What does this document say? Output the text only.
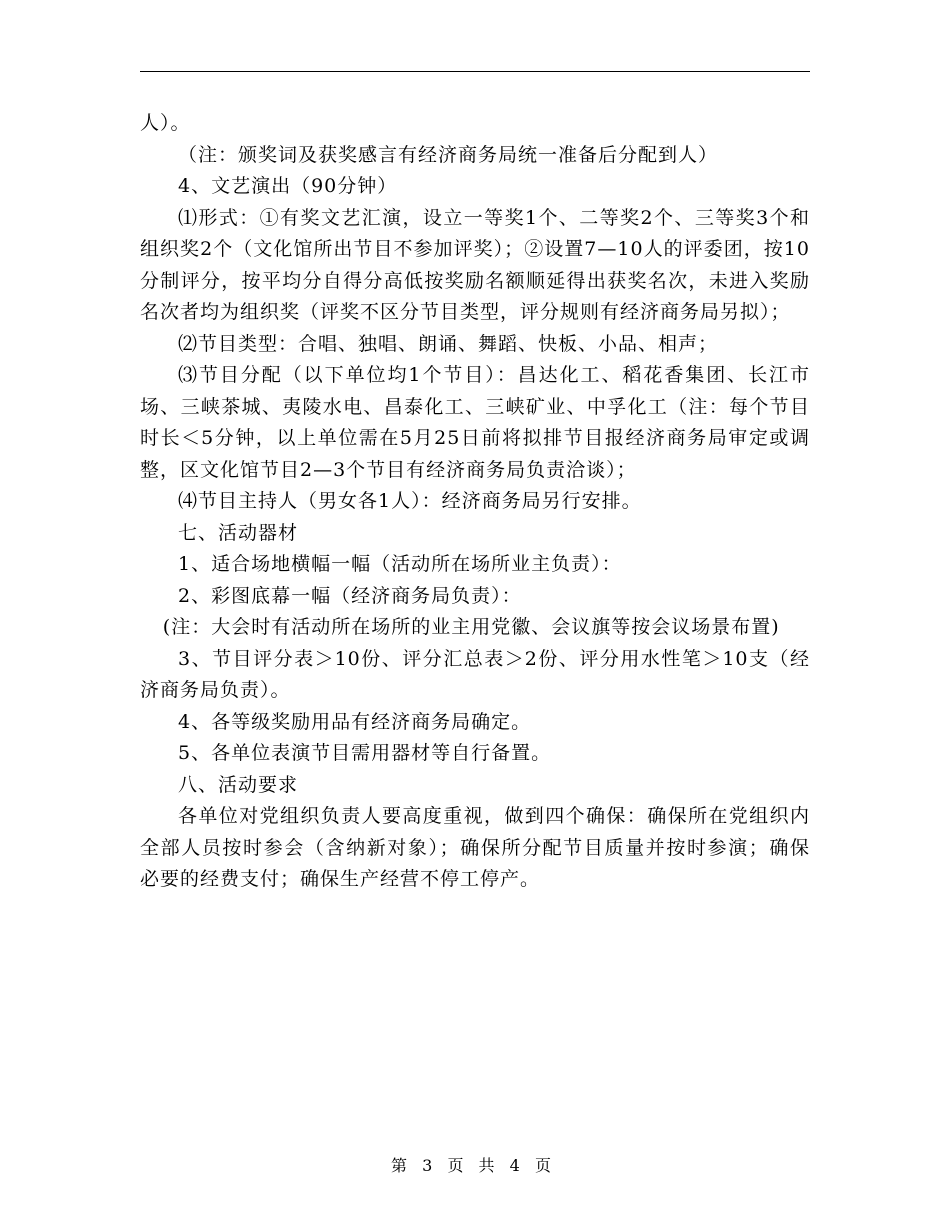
人）。

（注：颁奖词及获奖感言有经济商务局统一准备后分配到人）

4、文艺演出（90分钟）

⑴形式：①有奖文艺汇演，设立一等奖1个、二等奖2个、三等奖3个和组织奖2个（文化馆所出节目不参加评奖）；②设置7—10人的评委团，按10分制评分，按平均分自得分高低按奖励名额顺延得出获奖名次，未进入奖励名次者均为组织奖（评奖不区分节目类型，评分规则有经济商务局另拟）；

⑵节目类型：合唱、独唱、朗诵、舞蹈、快板、小品、相声；

⑶节目分配（以下单位均1个节目）：昌达化工、稻花香集团、长江市场、三峡茶城、夷陵水电、昌泰化工、三峡矿业、中孚化工（注：每个节目时长＜5分钟，以上单位需在5月25日前将拟排节目报经济商务局审定或调整，区文化馆节目2—3个节目有经济商务局负责洽谈）；

⑷节目主持人（男女各1人）：经济商务局另行安排。

七、活动器材

1、适合场地横幅一幅（活动所在场所业主负责）：

2、彩图底幕一幅（经济商务局负责）：

(注：大会时有活动所在场所的业主用党徽、会议旗等按会议场景布置)

3、节目评分表＞10份、评分汇总表＞2份、评分用水性笔＞10支（经济商务局负责）。

4、各等级奖励用品有经济商务局确定。

5、各单位表演节目需用器材等自行备置。

八、活动要求

各单位对党组织负责人要高度重视，做到四个确保：确保所在党组织内全部人员按时参会（含纳新对象）；确保所分配节目质量并按时参演；确保必要的经费支付；确保生产经营不停工停产。

第 3 页 共 4 页
